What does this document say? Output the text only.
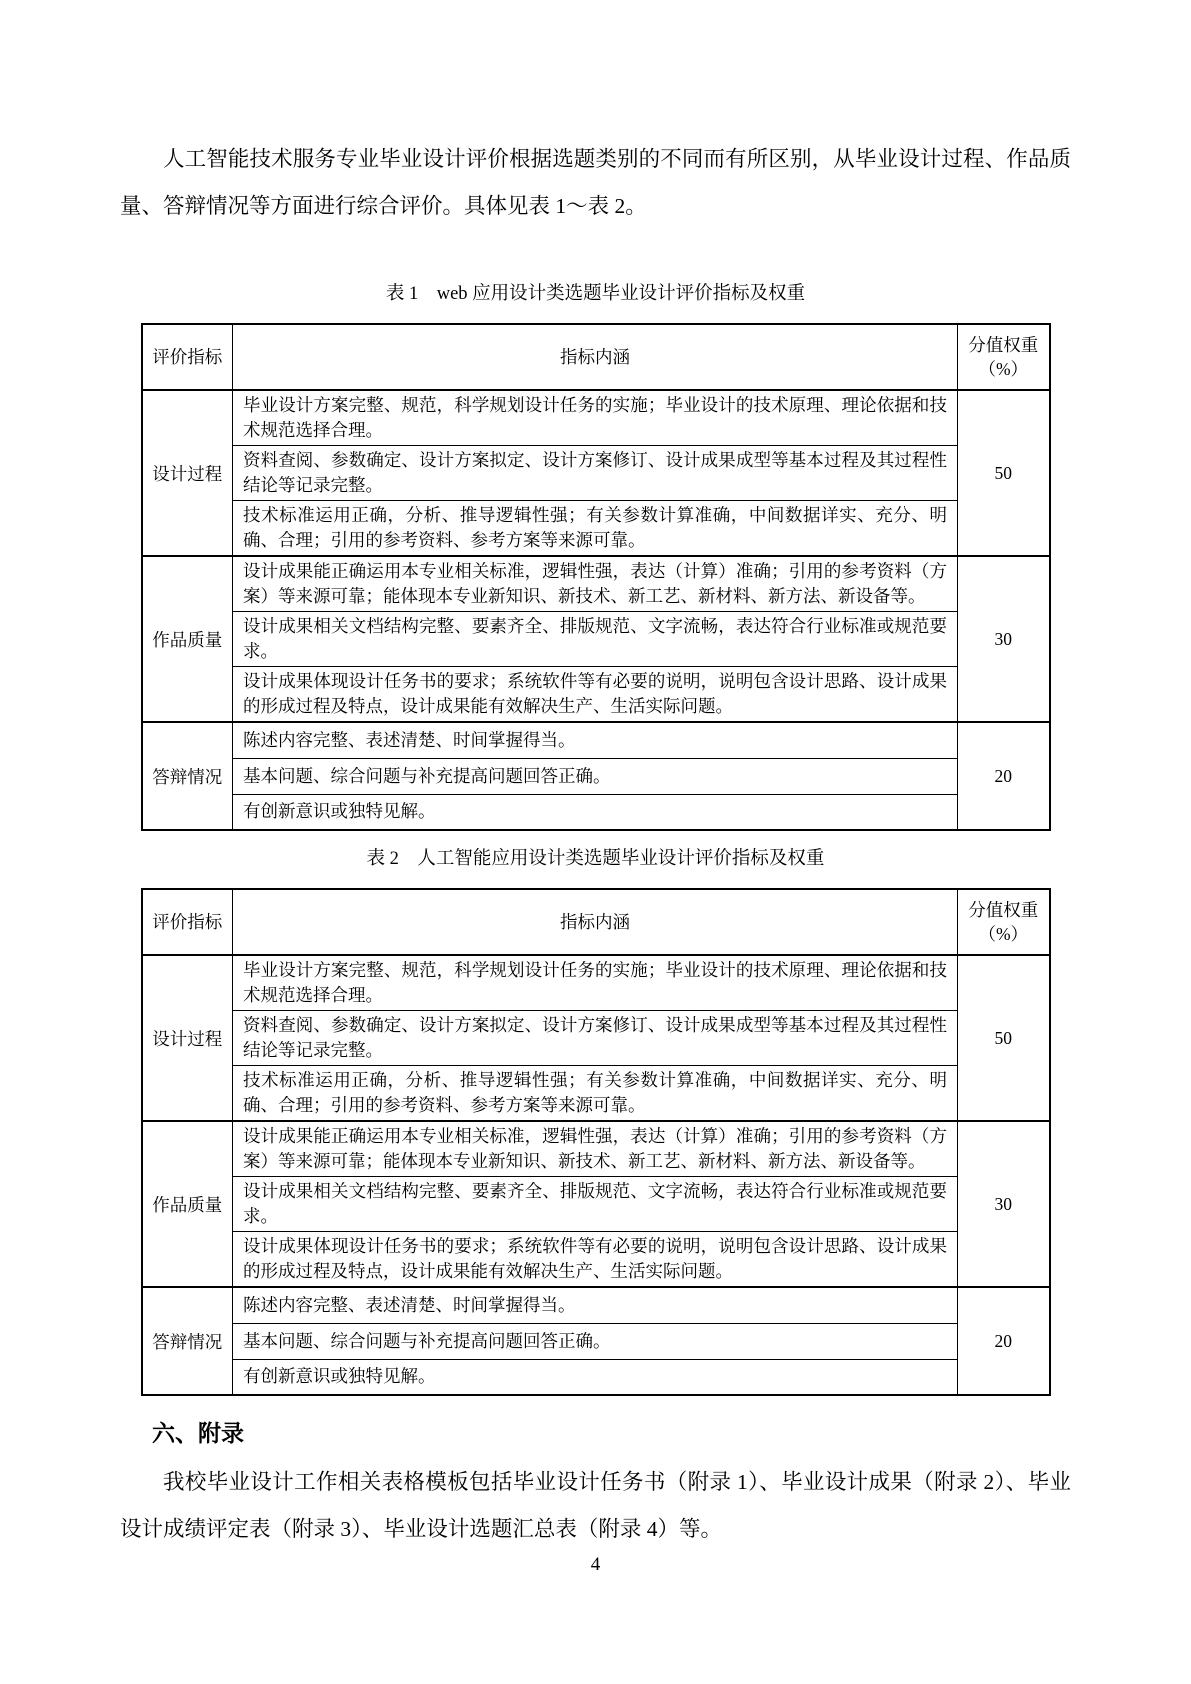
人工智能技术服务专业毕业设计评价根据选题类别的不同而有所区别，从毕业设计过程、作品质量、答辩情况等方面进行综合评价。具体见表 1～表 2。

表 1　web 应用设计类选题毕业设计评价指标及权重
评价指标	指标内涵	分值权重
（%）

设计过程	毕业设计方案完整、规范，科学规划设计任务的实施；毕业设计的技术原理、理论依据和技术规范选择合理。	50
	资料查阅、参数确定、设计方案拟定、设计方案修订、设计成果成型等基本过程及其过程性结论等记录完整。	
	技术标准运用正确，分析、推导逻辑性强；有关参数计算准确，中间数据详实、充分、明确、合理；引用的参考资料、参考方案等来源可靠。	
作品质量	设计成果能正确运用本专业相关标准，逻辑性强，表达（计算）准确；引用的参考资料（方案）等来源可靠；能体现本专业新知识、新技术、新工艺、新材料、新方法、新设备等。	30
	设计成果相关文档结构完整、要素齐全、排版规范、文字流畅，表达符合行业标准或规范要求。	
	设计成果体现设计任务书的要求；系统软件等有必要的说明，说明包含设计思路、设计成果的形成过程及特点，设计成果能有效解决生产、生活实际问题。	
答辩情况	陈述内容完整、表述清楚、时间掌握得当。	20
	基本问题、综合问题与补充提高问题回答正确。	
	有创新意识或独特见解。	
表 2　人工智能应用设计类选题毕业设计评价指标及权重
评价指标	指标内涵	分值权重
（%）

设计过程	毕业设计方案完整、规范，科学规划设计任务的实施；毕业设计的技术原理、理论依据和技术规范选择合理。	50
	资料查阅、参数确定、设计方案拟定、设计方案修订、设计成果成型等基本过程及其过程性结论等记录完整。	
	技术标准运用正确，分析、推导逻辑性强；有关参数计算准确，中间数据详实、充分、明确、合理；引用的参考资料、参考方案等来源可靠。	
作品质量	设计成果能正确运用本专业相关标准，逻辑性强，表达（计算）准确；引用的参考资料（方案）等来源可靠；能体现本专业新知识、新技术、新工艺、新材料、新方法、新设备等。	30
	设计成果相关文档结构完整、要素齐全、排版规范、文字流畅，表达符合行业标准或规范要求。	
	设计成果体现设计任务书的要求；系统软件等有必要的说明，说明包含设计思路、设计成果的形成过程及特点，设计成果能有效解决生产、生活实际问题。	
答辩情况	陈述内容完整、表述清楚、时间掌握得当。	20
	基本问题、综合问题与补充提高问题回答正确。	
	有创新意识或独特见解。	
六、附录

我校毕业设计工作相关表格模板包括毕业设计任务书（附录 1）、毕业设计成果（附录 2）、毕业设计成绩评定表（附录 3）、毕业设计选题汇总表（附录 4）等。

4
